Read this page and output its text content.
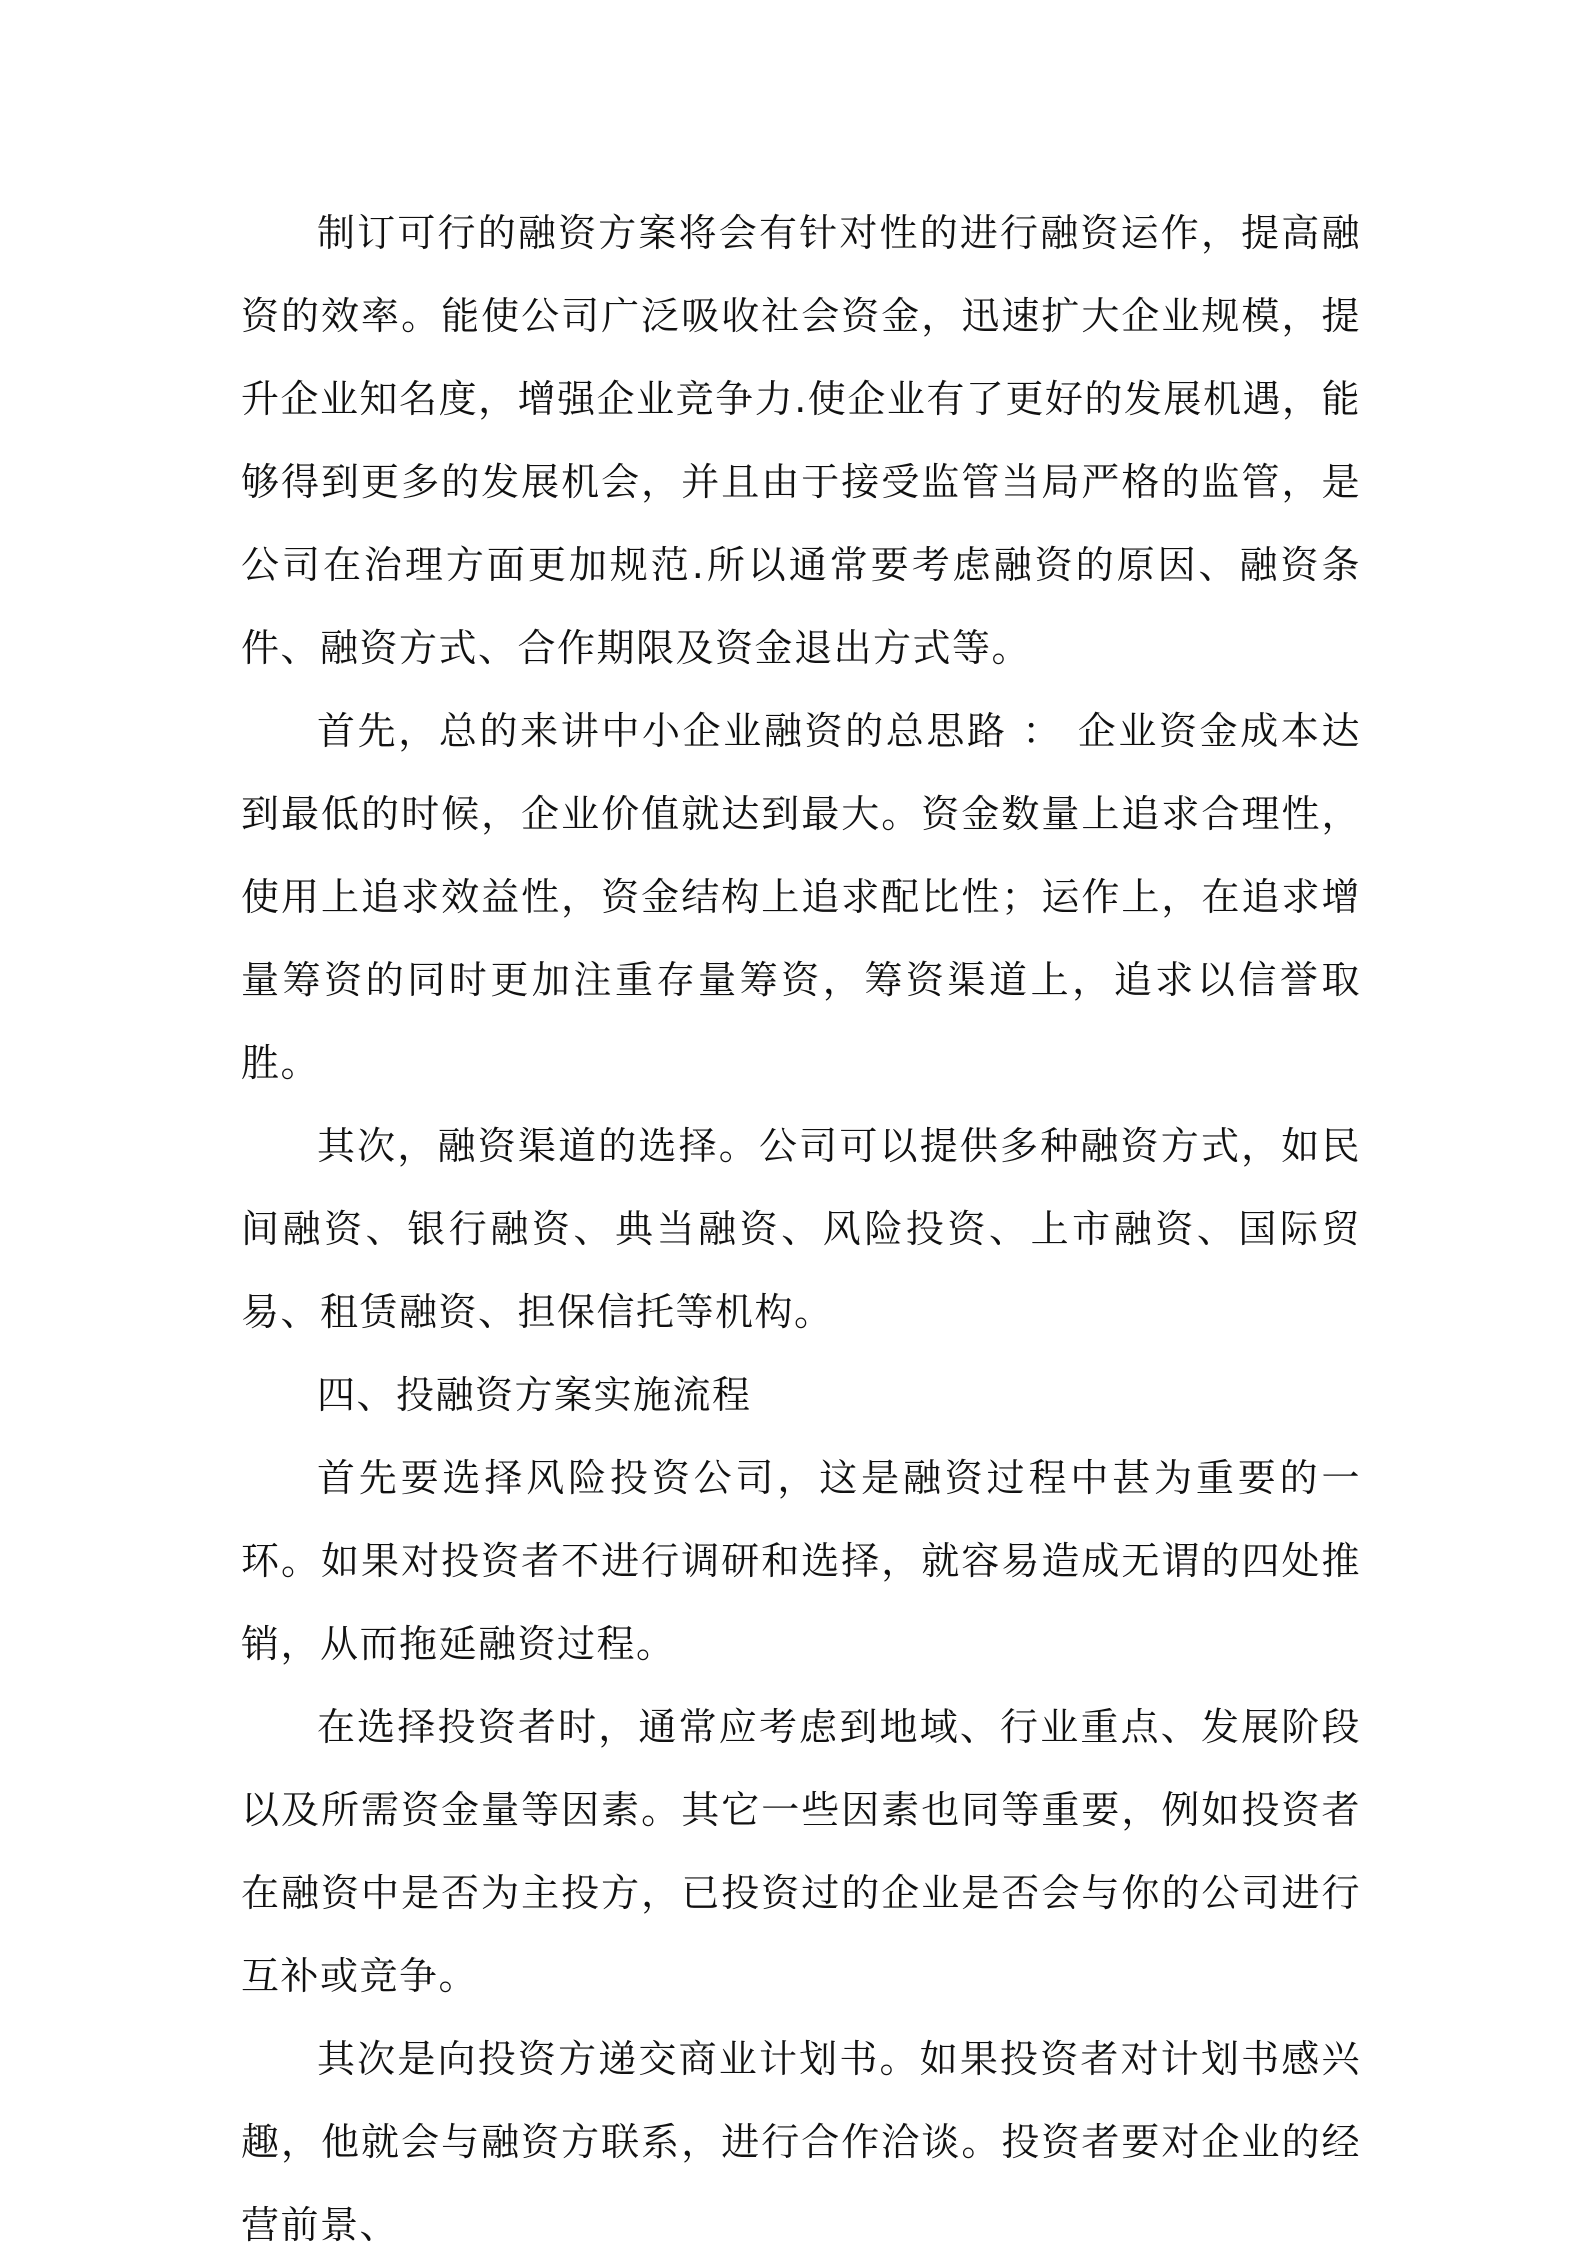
制订可行的融资方案将会有针对性的进行融资运作，提高融资的效率。能使公司广泛吸收社会资金，迅速扩大企业规模，提升企业知名度，增强企业竞争力.使企业有了更好的发展机遇，能够得到更多的发展机会，并且由于接受监管当局严格的监管，是公司在治理方面更加规范.所以通常要考虑融资的原因、融资条件、融资方式、合作期限及资金退出方式等。

首先，总的来讲中小企业融资的总思路 ： 企业资金成本达到最低的时候，企业价值就达到最大。资金数量上追求合理性，使用上追求效益性，资金结构上追求配比性；运作上，在追求增量筹资的同时更加注重存量筹资，筹资渠道上，追求以信誉取胜。

其次，融资渠道的选择。公司可以提供多种融资方式，如民间融资、银行融资、典当融资、风险投资、上市融资、国际贸易、租赁融资、担保信托等机构。

四、投融资方案实施流程

首先要选择风险投资公司，这是融资过程中甚为重要的一环。如果对投资者不进行调研和选择，就容易造成无谓的四处推销，从而拖延融资过程。

在选择投资者时，通常应考虑到地域、行业重点、发展阶段以及所需资金量等因素。其它一些因素也同等重要，例如投资者在融资中是否为主投方，已投资过的企业是否会与你的公司进行互补或竞争。

其次是向投资方递交商业计划书。如果投资者对计划书感兴趣，他就会与融资方联系，进行合作洽谈。投资者要对企业的经营前景、
